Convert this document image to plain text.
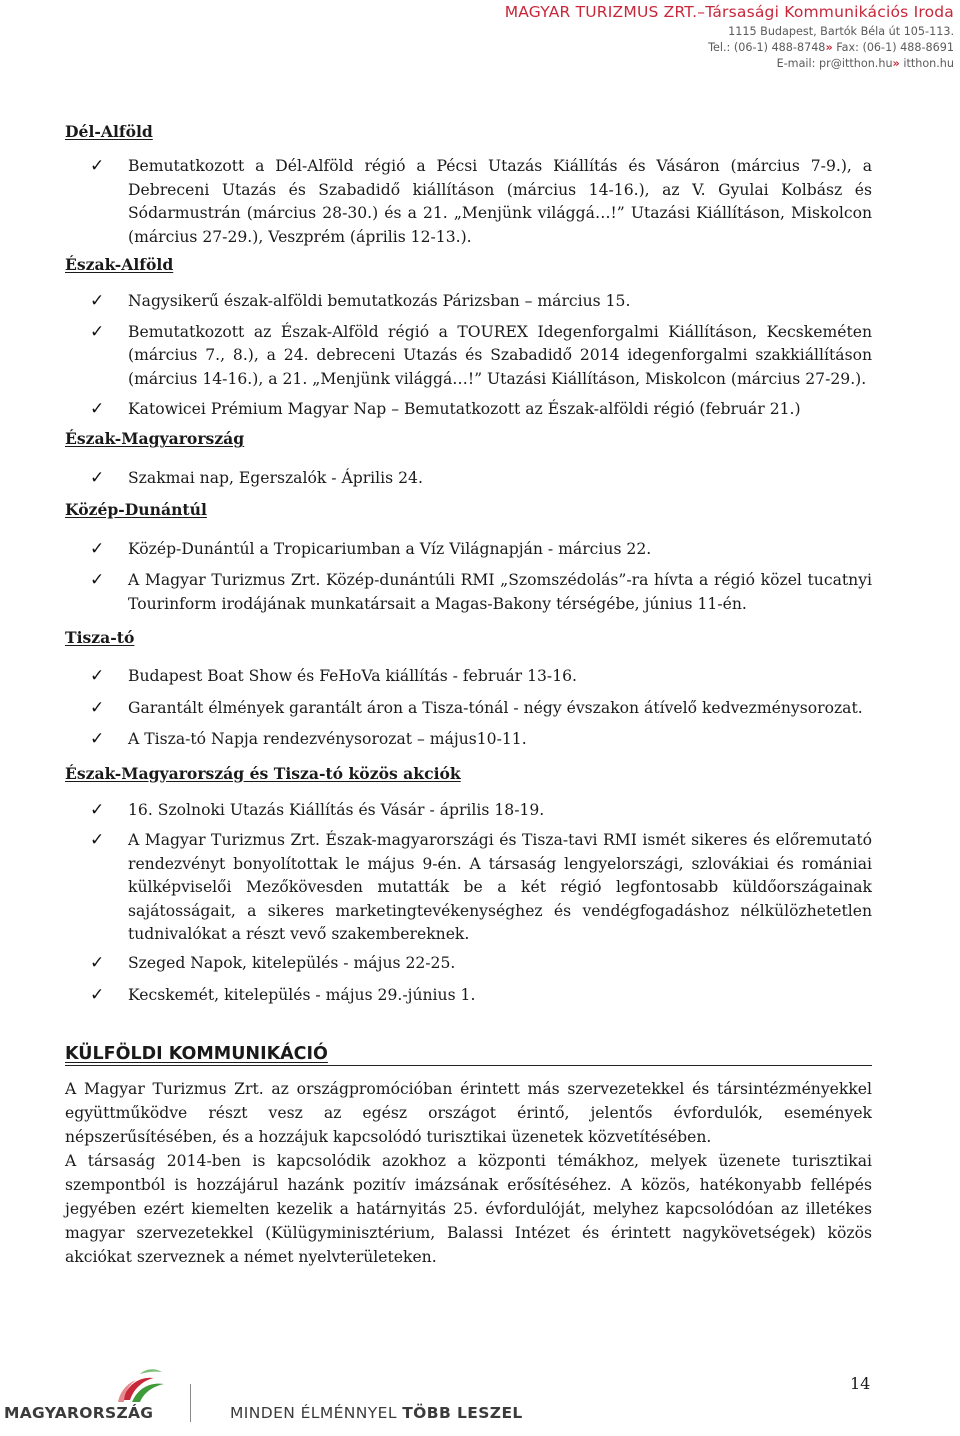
MAGYAR TURIZMUS ZRT.–Társasági Kommunikációs Iroda
1115 Budapest, Bartók Béla út 105-113.
Tel.: (06-1) 488-8748» Fax: (06-1) 488-8691
E-mail: pr@itthon.hu» itthon.hu
Dél-Alföld
✓ Bemutatkozott a Dél-Alföld régió a Pécsi Utazás Kiállítás és Vásáron (március 7-9.), a Debreceni Utazás és Szabadidő kiállításon (március 14-16.), az V. Gyulai Kolbász és Sódarmustrán (március 28-30.) és a 21. „Menjünk világgá…!” Utazási Kiállításon, Miskolcon (március 27-29.), Veszprém (április 12-13.).
Észak-Alföld
✓ Nagysikerű észak-alföldi bemutatkozás Párizsban – március 15.
✓ Bemutatkozott az Észak-Alföld régió a TOUREX Idegenforgalmi Kiállításon, Kecskeméten (március 7., 8.), a 24. debreceni Utazás és Szabadidő 2014 idegenforgalmi szakkiállításon (március 14-16.), a 21. „Menjünk világgá…!” Utazási Kiállításon, Miskolcon (március 27-29.).
✓ Katowicei Prémium Magyar Nap – Bemutatkozott az Észak-alföldi régió (február 21.)
Észak-Magyarország
✓ Szakmai nap, Egerszalók - Április 24.
Közép-Dunántúl
✓ Közép-Dunántúl a Tropicariumban a Víz Világnapján - március 22.
✓ A Magyar Turizmus Zrt. Közép-dunántúli RMI „Szomszédolás”-ra hívta a régió közel tucatnyi Tourinform irodájának munkatársait a Magas-Bakony térségébe, június 11-én.
Tisza-tó
✓ Budapest Boat Show és FeHoVa kiállítás - február 13-16.
✓ Garantált élmények garantált áron a Tisza-tónál - négy évszakon átívelő kedvezménysorozat.
✓ A Tisza-tó Napja rendezvénysorozat – május10-11.
Észak-Magyarország és Tisza-tó közös akciók
✓ 16. Szolnoki Utazás Kiállítás és Vásár - április 18-19.
✓ A Magyar Turizmus Zrt. Észak-magyarországi és Tisza-tavi RMI ismét sikeres és előremutató rendezvényt bonyolítottak le május 9-én. A társaság lengyelországi, szlovákiai és romániai külképviselői Mezőkövesden mutatták be a két régió legfontosabb küldőországainak sajátosságait, a sikeres marketingtevékenységhez és vendégfogadáshoz nélkülözhetetlen tudnivalókat a részt vevő szakembereknek.
✓ Szeged Napok, kitelepülés - május 22-25.
✓ Kecskemét, kitelepülés - május 29.-június 1.
KÜLFÖLDI KOMMUNIKÁCIÓ

A Magyar Turizmus Zrt. az országpromócióban érintett más szervezetekkel és társintézményekkel együttműködve részt vesz az egész országot érintő, jelentős évfordulók, események népszerűsítésében, és a hozzájuk kapcsolódó turisztikai üzenetek közvetítésében.

A társaság 2014-ben is kapcsolódik azokhoz a központi témákhoz, melyek üzenete turisztikai szempontból is hozzájárul hazánk pozitív imázsának erősítéséhez. A közös, hatékonyabb fellépés jegyében ezért kiemelten kezelik a határnyitás 25. évfordulóját, melyhez kapcsolódóan az illetékes magyar szervezetekkel (Külügyminisztérium, Balassi Intézet és érintett nagykövetségek) közös akciókat szerveznek a német nyelvterületeken.

14
MAGYARORSZÁG	MINDEN ÉLMÉNNYEL TÖBB LESZEL
